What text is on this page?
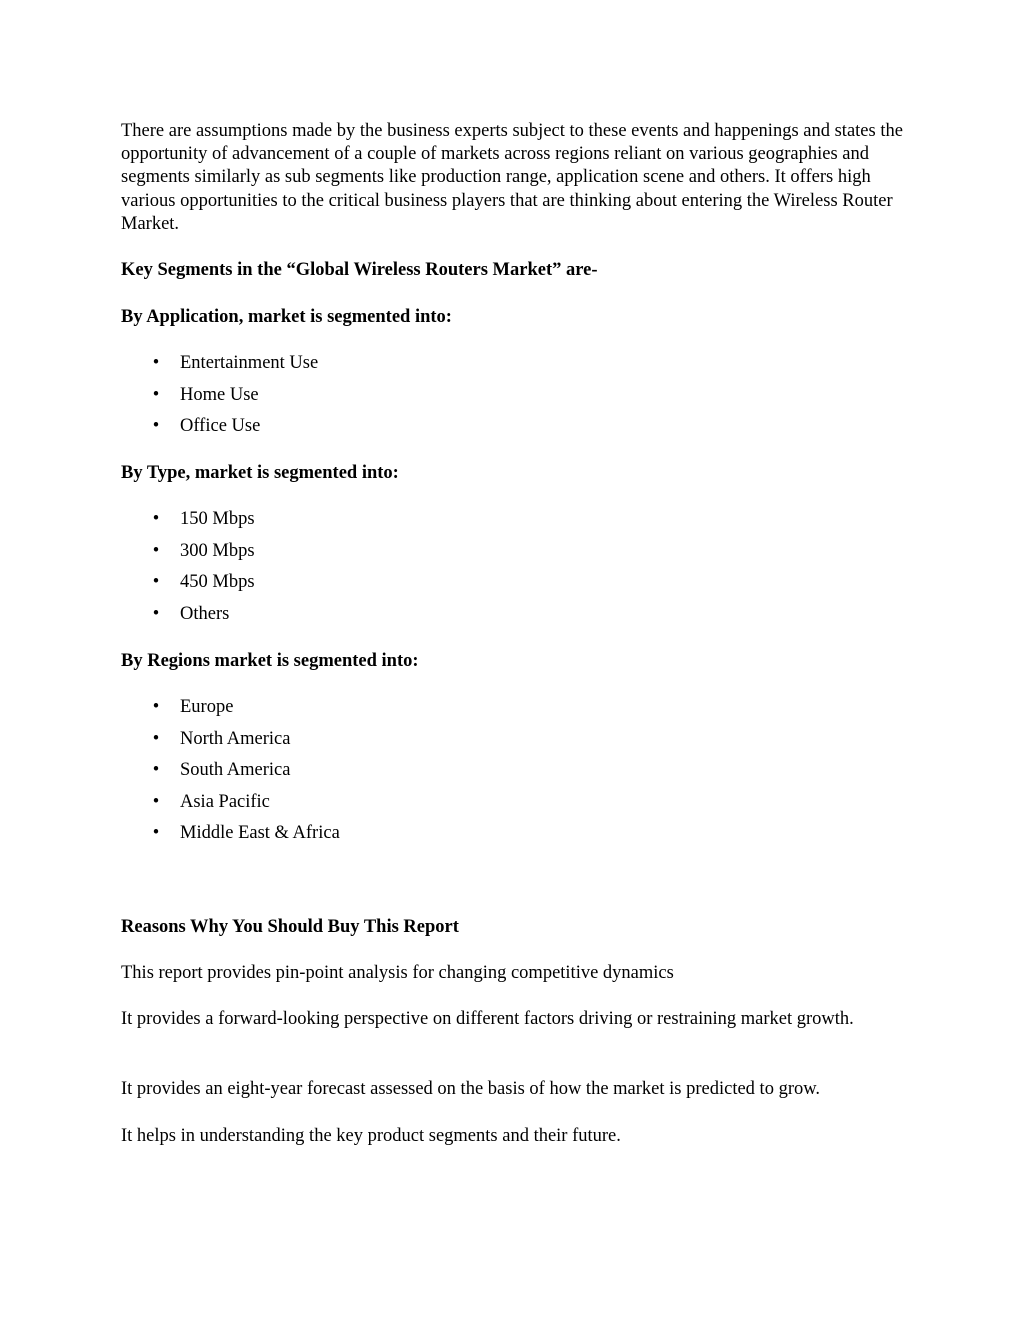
There are assumptions made by the business experts subject to these events and happenings and states the opportunity of advancement of a couple of markets across regions reliant on various geographies and segments similarly as sub segments like production range, application scene and others. It offers high various opportunities to the critical business players that are thinking about entering the Wireless Router Market.

Key Segments in the “Global Wireless Routers Market” are-

By Application, market is segmented into:

• Entertainment Use
• Home Use
• Office Use

By Type, market is segmented into:

• 150 Mbps
• 300 Mbps
• 450 Mbps
• Others

By Regions market is segmented into:

• Europe
• North America
• South America
• Asia Pacific
• Middle East & Africa

Reasons Why You Should Buy This Report

This report provides pin-point analysis for changing competitive dynamics

It provides a forward-looking perspective on different factors driving or restraining market growth.

It provides an eight-year forecast assessed on the basis of how the market is predicted to grow.

It helps in understanding the key product segments and their future.
